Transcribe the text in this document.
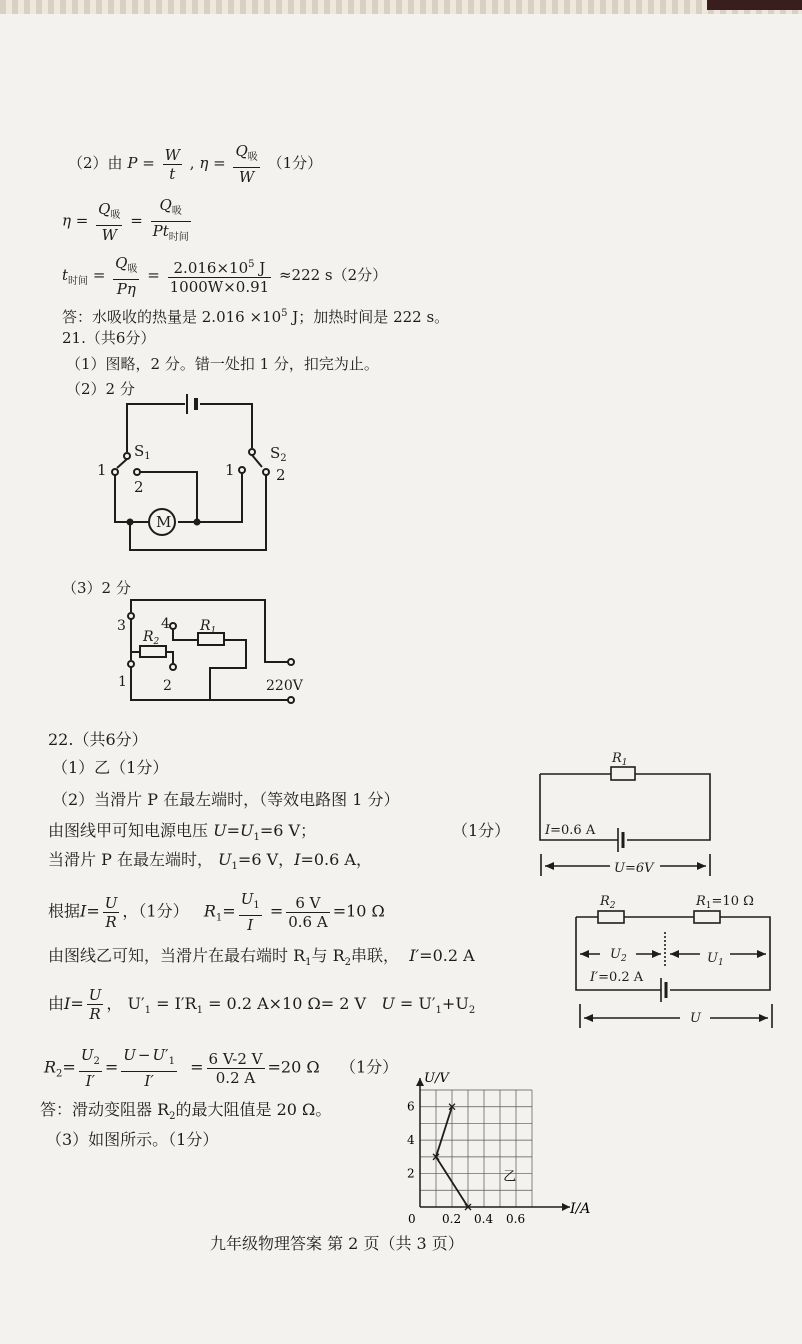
（2）由 $P = \frac{W}{t}$ , $\eta = \frac{Q_吸}{W} (1$分）
$\eta = \frac{Q_吸}{W} = \frac{Q_吸}{Pt_{时间}}$
$t_{时间} = \frac{Q_吸}{P\eta} = \frac{2.016\times 10^5 J}{1000W\times 0.91} \approx 222$ s（2分）
答：水吸收的热量是 $2.016 \times 10^5$ J；加热时间是 222 s。
21.（共6分）
（1）图略，2 分。错一处扣 1 分，扣完为止。
（2）2 分
$S_1$
1
2
1
$S_2$
2
M
3	4
$R_2$
$R_1$
1	2	220V
$R_1$
I=0.6 A
U=6V
$R_2$	$R_1=10$ Ω
$U_2$	$U_1$
I′=0.2 A
U
I/A
U/V
0 0.2 0.4 0.6
2
4
6
乙
（3）2 分
22.（共6分）
（1）乙（1分）
（2）当滑片 P 在最左端时，（等效电路图 1 分）
由图线甲可知电源电压 $U=U_1=6$ V；	（1分）
当滑片 P 在最左端时， $U_1=6$ V，I=0.6 A，
根据$I= \frac{U}{R}$ ，（1分） $R_1= \frac{U_1}{I} = \frac{6 V}{0.6 A} =10$ Ω
由图线乙可知，当滑片在最右端时 $R_1$与 $R_2$串联， I′=0.2 A
由$I= \frac{U}{R}$ ， $U'_1 = I'R_1 = 0.2$ A×10 Ω= 2 V $U = U'_1+U_2$
$R_2= \frac{U_2}{I'} = \frac{U - U'_1}{I'} = \frac{6 V-2 V}{0.2 A} =20$ Ω （1分）
答：滑动变阻器 $R_2$的最大阻值是 20 Ω。
（3）如图所示。（1分）
九年级物理答案 第 2 页（共 3 页）
